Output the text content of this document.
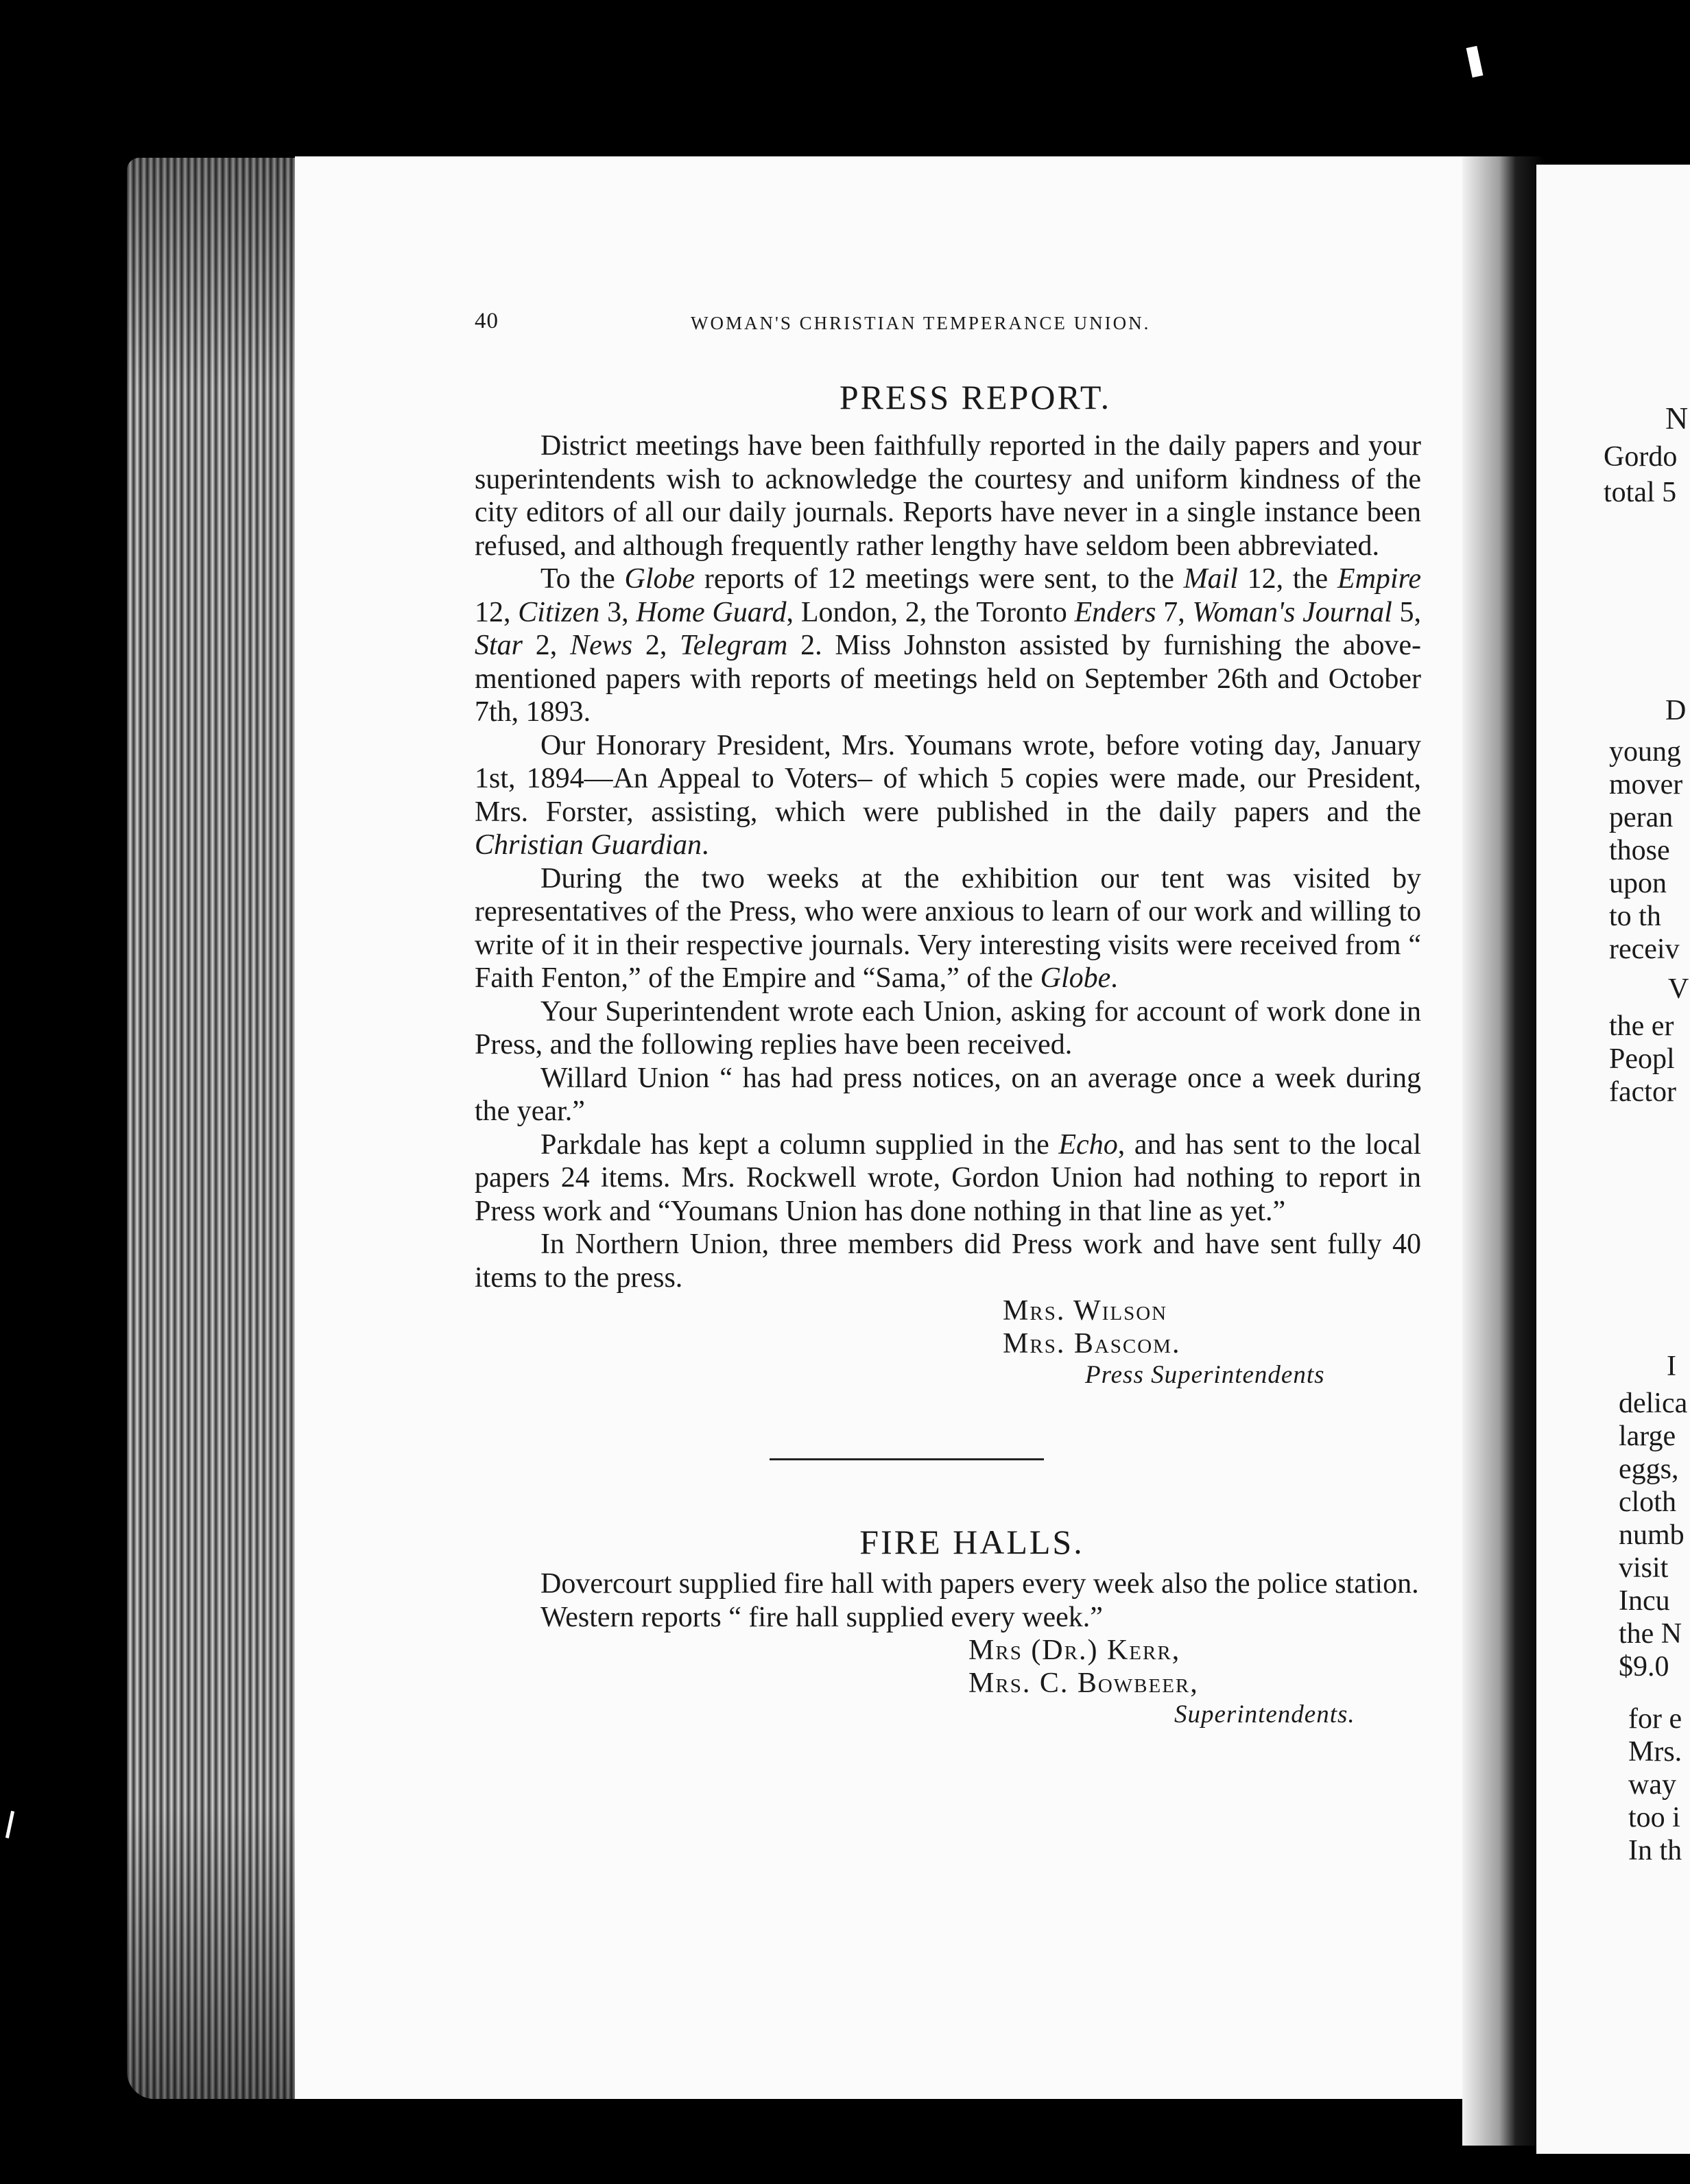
40	WOMAN'S CHRISTIAN TEMPERANCE UNION.
PRESS REPORT.

District meetings have been faithfully reported in the daily papers and your superintendents wish to acknowledge the courtesy and uniform kindness of the city editors of all our daily journals. Reports have never in a single instance been refused, and although frequently rather lengthy have seldom been abbreviated.

To the Globe reports of 12 meetings were sent, to the Mail 12, the Empire 12, Citizen 3, Home Guard, London, 2, the Toronto Enders 7, Woman's Journal 5, Star 2, News 2, Telegram 2. Miss Johnston assisted by furnishing the above-mentioned papers with reports of meetings held on September 26th and October 7th, 1893.

Our Honorary President, Mrs. Youmans wrote, before voting day, January 1st, 1894—An Appeal to Voters– of which 5 copies were made, our President, Mrs. Forster, assisting, which were published in the daily papers and the Christian Guardian.

During the two weeks at the exhibition our tent was visited by representatives of the Press, who were anxious to learn of our work and willing to write of it in their respective journals. Very interesting visits were received from “ Faith Fenton,” of the Empire and “Sama,” of the Globe.

Your Superintendent wrote each Union, asking for account of work done in Press, and the following replies have been received.

Willard Union “ has had press notices, on an average once a week during the year.”

Parkdale has kept a column supplied in the Echo, and has sent to the local papers 24 items. Mrs. Rockwell wrote, Gordon Union had nothing to report in Press work and “Youmans Union has done nothing in that line as yet.”

In Northern Union, three members did Press work and have sent fully 40 items to the press.

Mrs. Wilson
Mrs. Bascom.
Press Superintendents
FIRE HALLS.

Dovercourt supplied fire hall with papers every week also the police station.

Western reports “ fire hall supplied every week.”

Mrs (Dr.) Kerr,
Mrs. C. Bowbeer,
Superintendents.
N
Gordo
total 5
D
young
mover
peran
those
upon
to th
receiv
V
the er
Peopl
factor
I
delica
large
eggs,
cloth
numb
visit
Incu
the N
$9.0
for e
Mrs.
way
too i
In th
